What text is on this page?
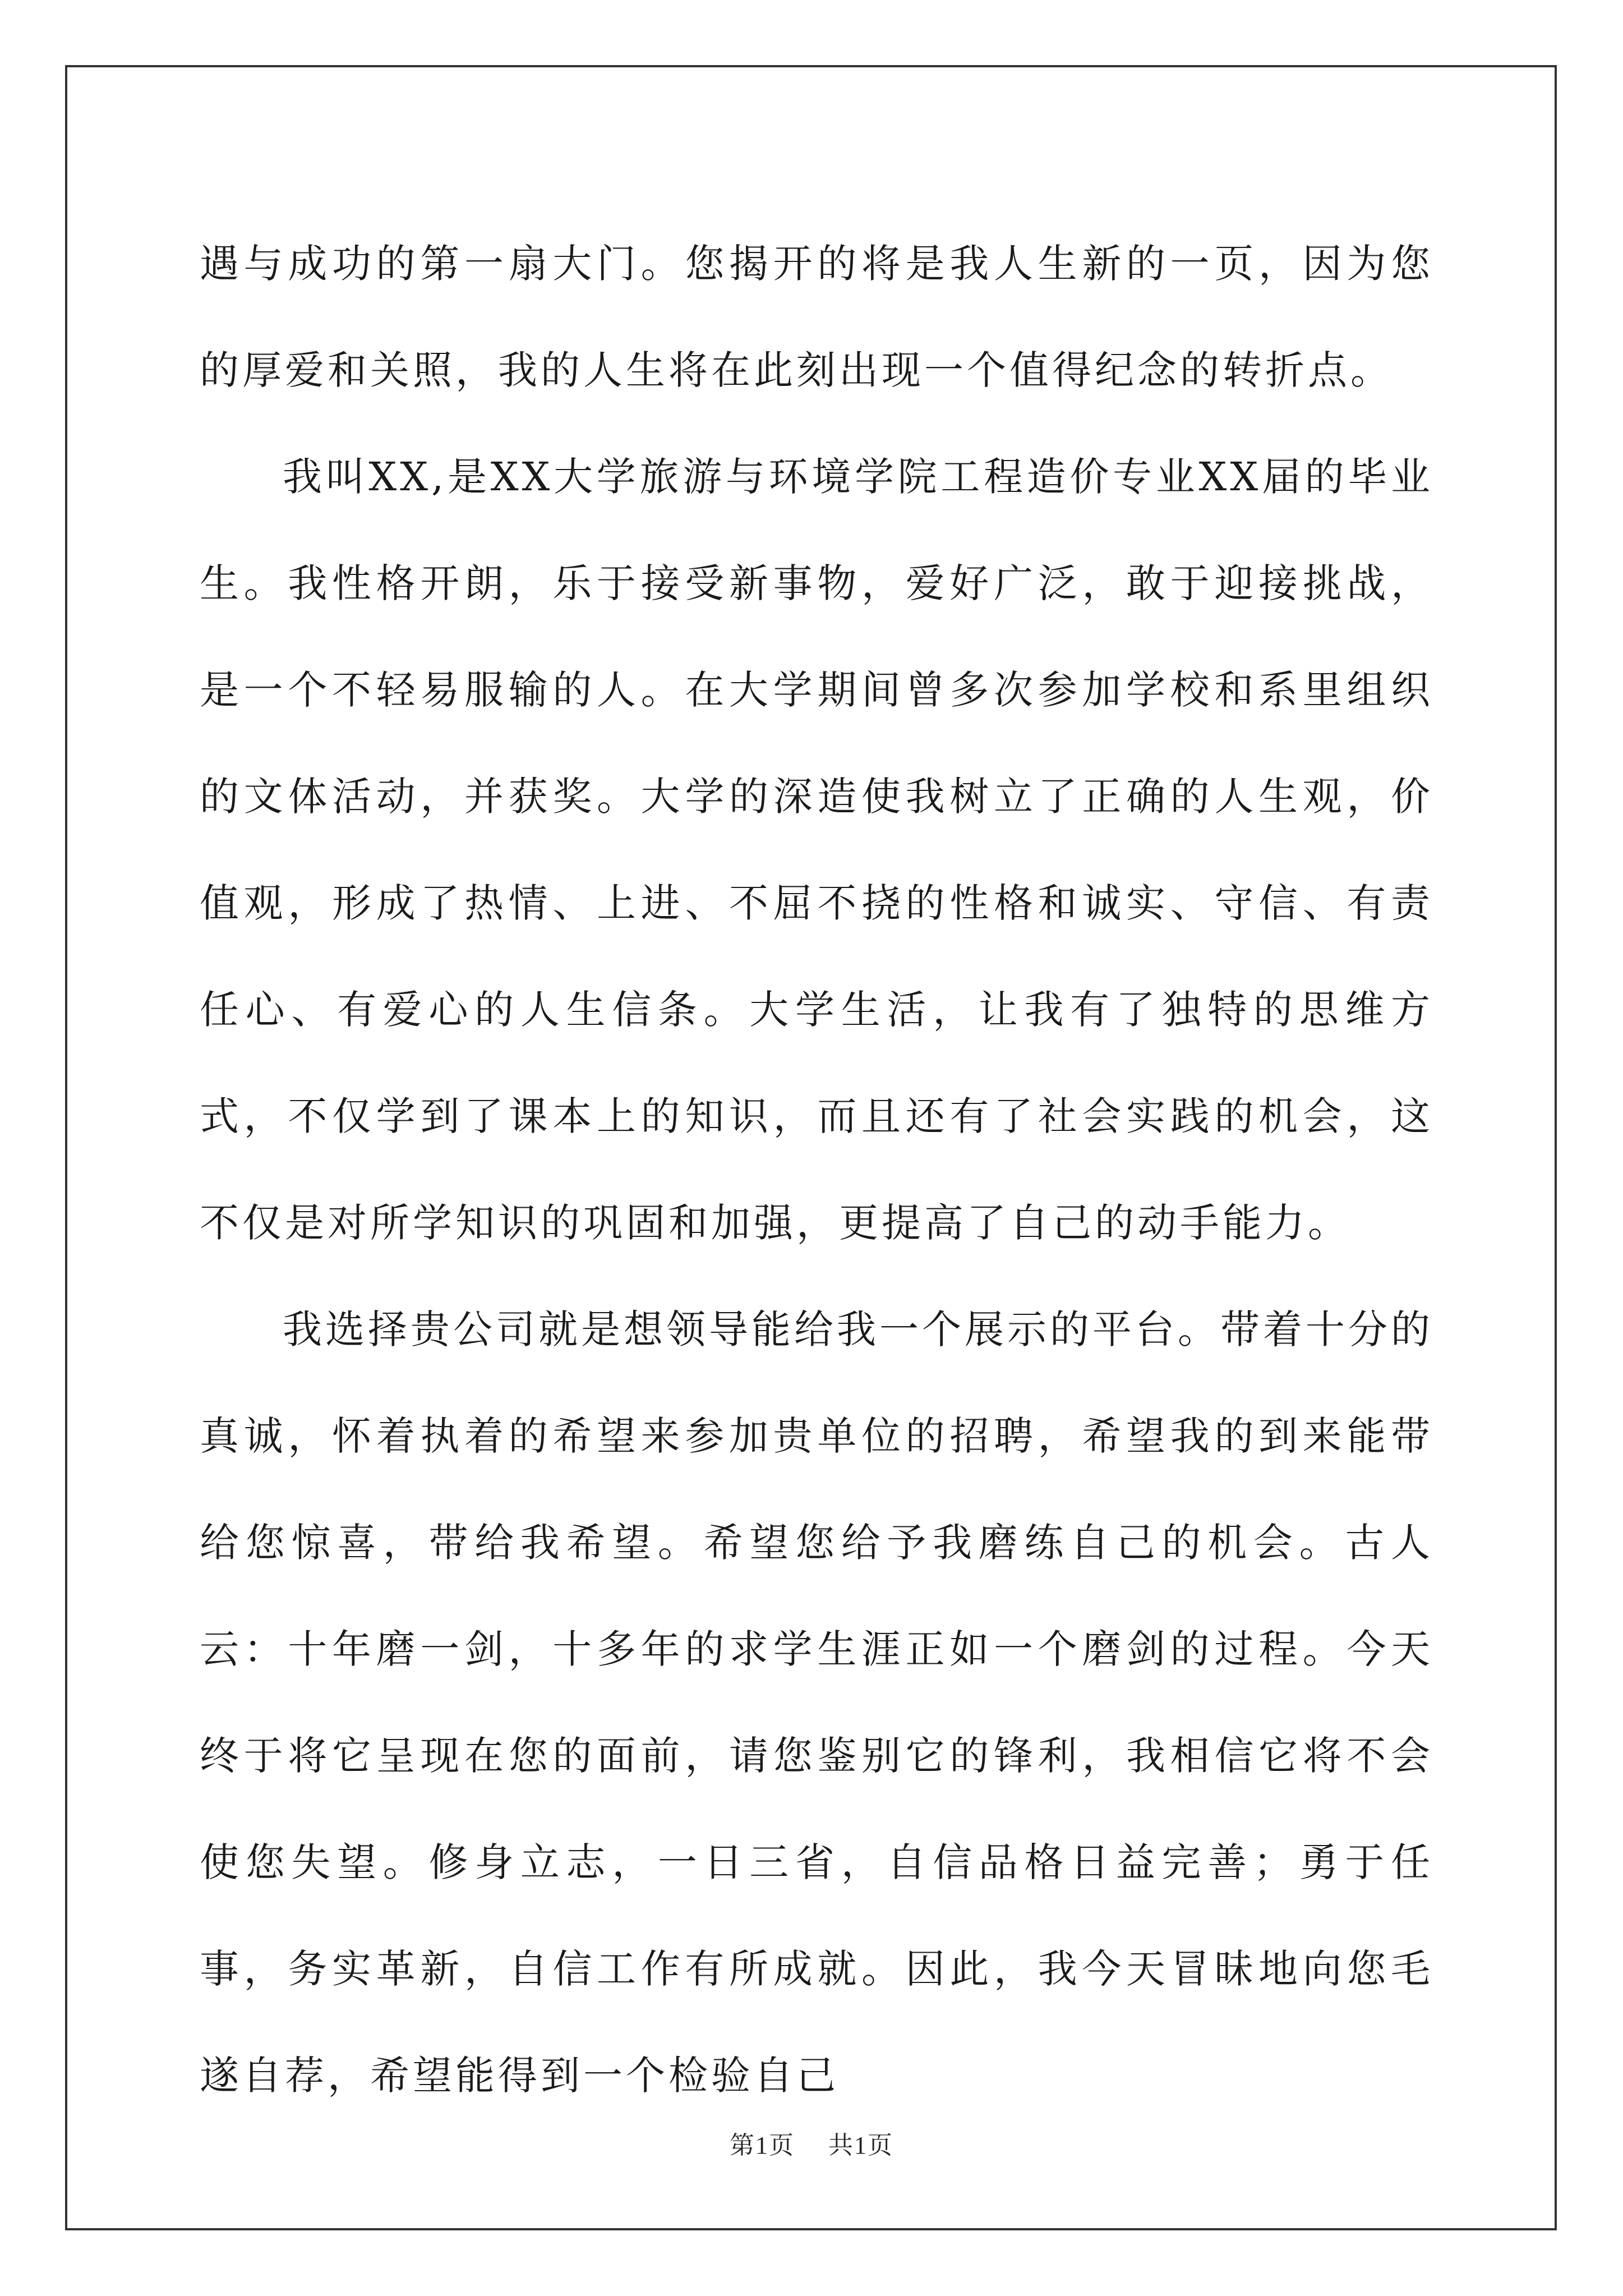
遇与成功的第一扇大门。您揭开的将是我人生新的一页，因为您的厚爱和关照，我的人生将在此刻出现一个值得纪念的转折点。

我叫XX,是XX大学旅游与环境学院工程造价专业XX届的毕业生。我性格开朗，乐于接受新事物，爱好广泛，敢于迎接挑战，是一个不轻易服输的人。在大学期间曾多次参加学校和系里组织的文体活动，并获奖。大学的深造使我树立了正确的人生观，价值观，形成了热情、上进、不屈不挠的性格和诚实、守信、有责任心、有爱心的人生信条。大学生活，让我有了独特的思维方式，不仅学到了课本上的知识，而且还有了社会实践的机会，这不仅是对所学知识的巩固和加强，更提高了自己的动手能力。

我选择贵公司就是想领导能给我一个展示的平台。带着十分的真诚，怀着执着的希望来参加贵单位的招聘，希望我的到来能带给您惊喜，带给我希望。希望您给予我磨练自己的机会。古人云：十年磨一剑，十多年的求学生涯正如一个磨剑的过程。今天终于将它呈现在您的面前，请您鉴别它的锋利，我相信它将不会使您失望。修身立志，一日三省，自信品格日益完善；勇于任事，务实革新，自信工作有所成就。因此，我今天冒昧地向您毛遂自荐，希望能得到一个检验自己

第1页 共1页
